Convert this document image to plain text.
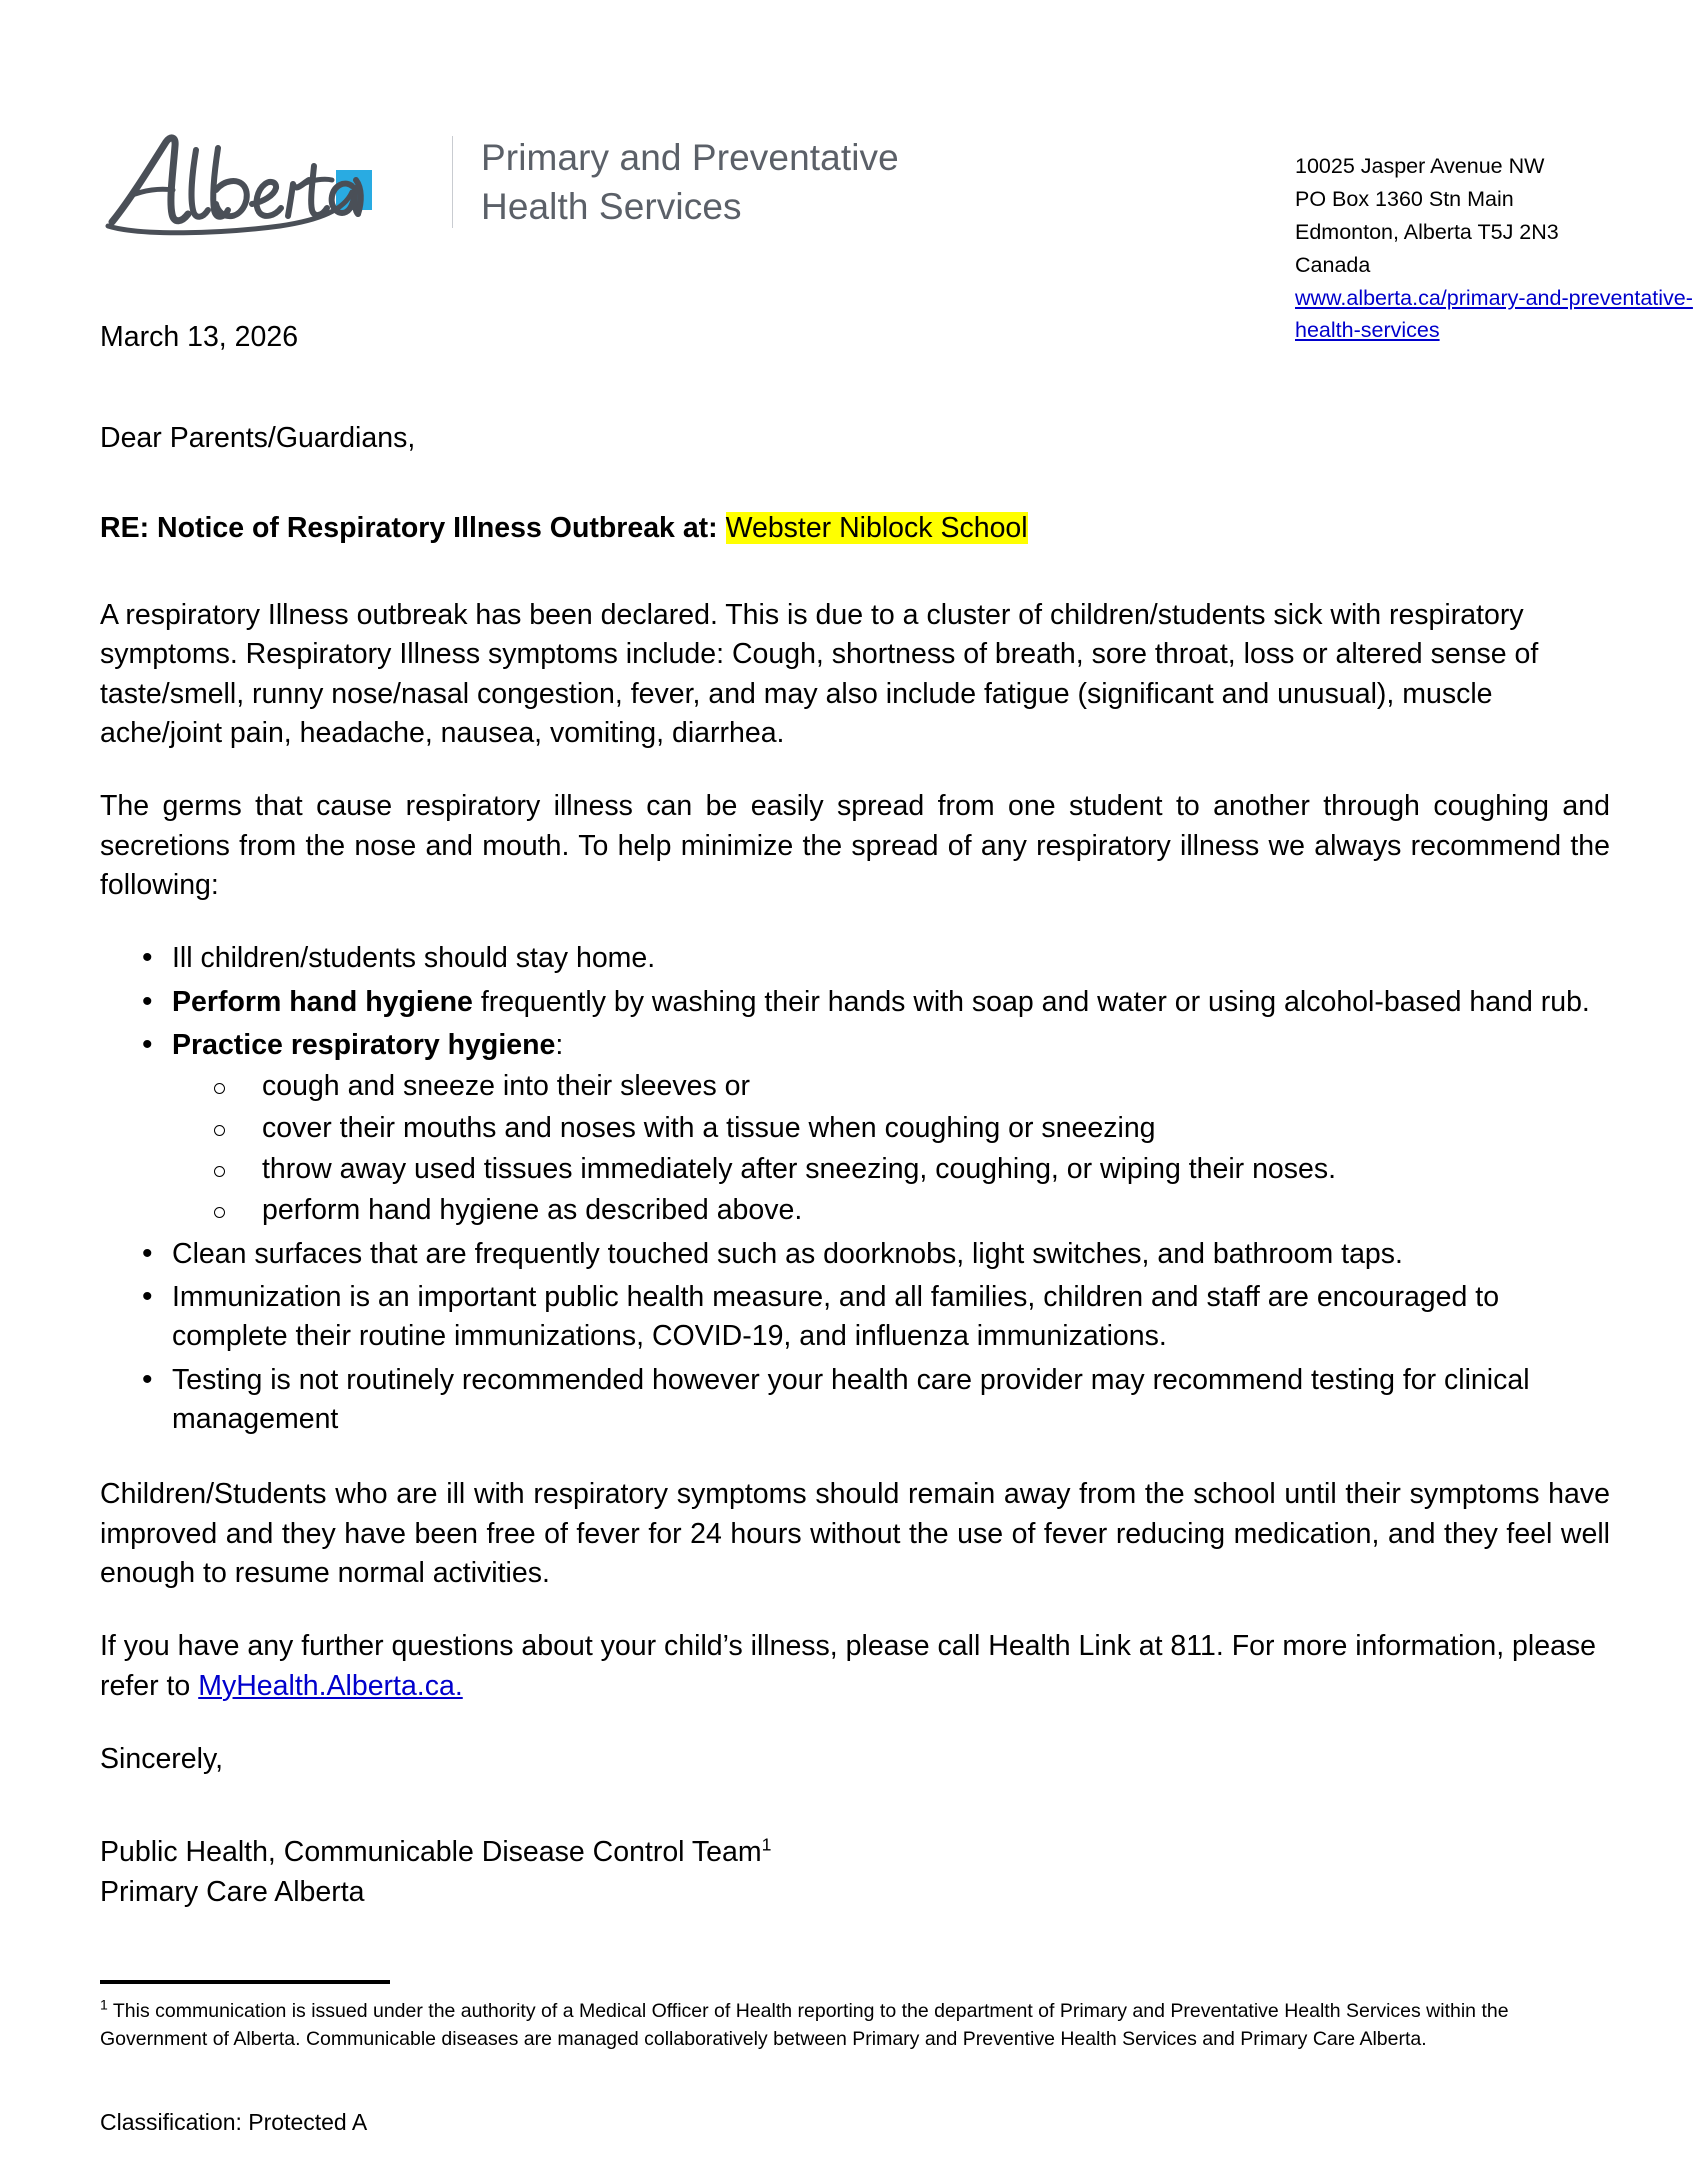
Primary and Preventative
Health Services
10025 Jasper Avenue NW
PO Box 1360 Stn Main
Edmonton, Alberta T5J 2N3
Canada
www.alberta.ca/primary-and-preventative-health-services
March 13, 2026
Dear Parents/Guardians,
RE: Notice of Respiratory Illness Outbreak at: Webster Niblock School

A respiratory Illness outbreak has been declared. This is due to a cluster of children/students sick with respiratory symptoms. Respiratory Illness symptoms include: Cough, shortness of breath, sore throat, loss or altered sense of taste/smell, runny nose/nasal congestion, fever, and may also include fatigue (significant and unusual), muscle ache/joint pain, headache, nausea, vomiting, diarrhea.

The germs that cause respiratory illness can be easily spread from one student to another through coughing and secretions from the nose and mouth. To help minimize the spread of any respiratory illness we always recommend the following:

• Ill children/students should stay home.
• Perform hand hygiene frequently by washing their hands with soap and water or using alcohol-based hand rub.
• Practice respiratory hygiene:
cough and sneeze into their sleeves or
cover their mouths and noses with a tissue when coughing or sneezing
throw away used tissues immediately after sneezing, coughing, or wiping their noses.
perform hand hygiene as described above.
• Clean surfaces that are frequently touched such as doorknobs, light switches, and bathroom taps.
• Immunization is an important public health measure, and all families, children and staff are encouraged to complete their routine immunizations, COVID-19, and influenza immunizations.
• Testing is not routinely recommended however your health care provider may recommend testing for clinical management

Children/Students who are ill with respiratory symptoms should remain away from the school until their symptoms have improved and they have been free of fever for 24 hours without the use of fever reducing medication, and they feel well enough to resume normal activities.

If you have any further questions about your child’s illness, please call Health Link at 811. For more information, please refer to MyHealth.Alberta.ca.

Sincerely,
Public Health, Communicable Disease Control Team$^1$
Primary Care Alberta

$^1$ This communication is issued under the authority of a Medical Officer of Health reporting to the department of Primary and Preventative Health Services within the Government of Alberta. Communicable diseases are managed collaboratively between Primary and Preventive Health Services and Primary Care Alberta.

Classification: Protected A
